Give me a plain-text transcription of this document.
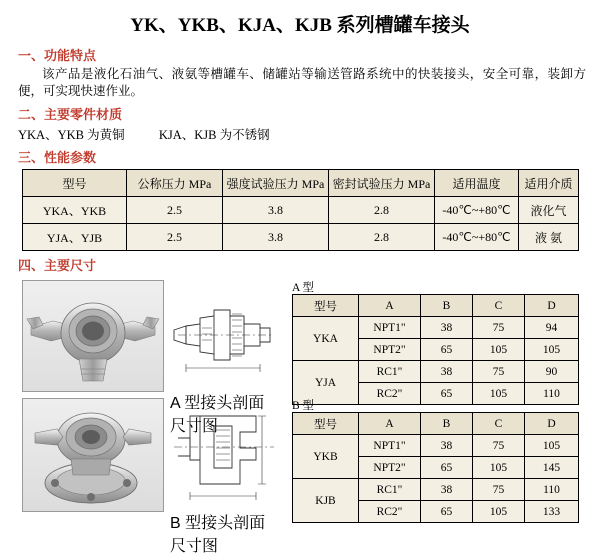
YK、YKB、KJA、KJB 系列槽罐车接头
一、功能特点
该产品是液化石油气、液氨等槽罐车、储罐站等输送管路系统中的快装接头，安全可靠，装卸方便，可实现快速作业。
二、主要零件材质
YKA、YKB 为黄铜	KJA、KJB 为不锈钢
三、性能参数
型号	公称压力 MPa	强度试验压力 MPa	密封试验压力 MPa	适用温度	适用介质
YKA、YKB	2.5	3.8	2.8	-40℃~+80℃	液化气
YJA、YJB	2.5	3.8	2.8	-40℃~+80℃	液 氨
四、主要尺寸
A 型接头剖面尺寸图
A 型
型号	A	B	C	D
YKA	NPT1"	38	75	94
	NPT2"	65	105	105
YJA	RC1"	38	75	90
	RC2"	65	105	110
B 型接头剖面尺寸图
B 型
型号	A	B	C	D
YKB	NPT1"	38	75	105
	NPT2"	65	105	145
KJB	RC1"	38	75	110
	RC2"	65	105	133
